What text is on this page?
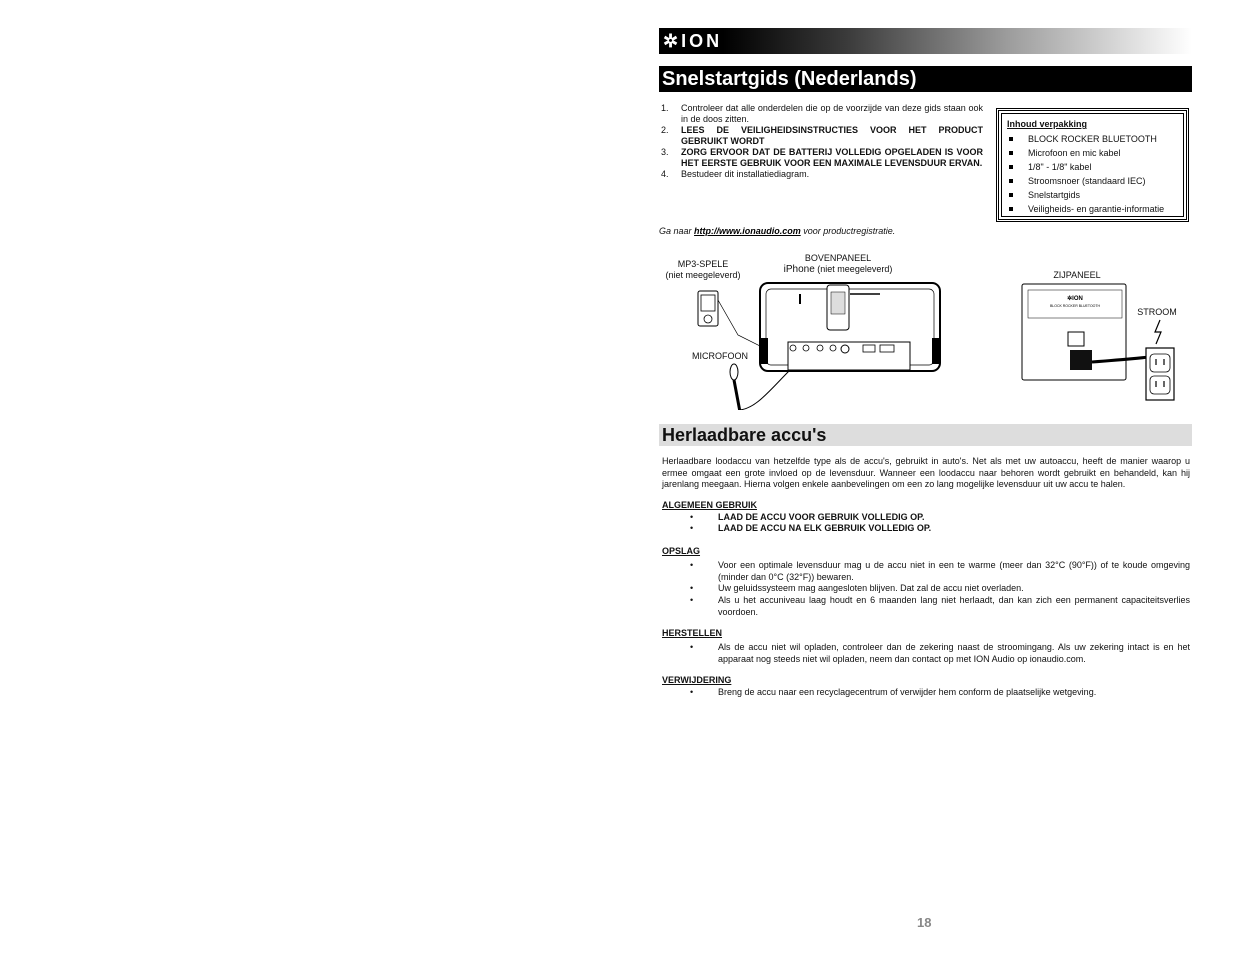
✲ION
Snelstartgids (Nederlands)
1.	Controleer dat alle onderdelen die op de voorzijde van deze gids staan ook in de doos zitten.
2.	LEES DE VEILIGHEIDSINSTRUCTIES VOOR HET PRODUCT GEBRUIKT WORDT
3.	ZORG ERVOOR DAT DE BATTERIJ VOLLEDIG OPGELADEN IS VOOR HET EERSTE GEBRUIK VOOR EEN MAXIMALE LEVENSDUUR ERVAN.
4.	Bestudeer dit installatiediagram.
Inhoud verpakking
BLOCK ROCKER BLUETOOTH
Microfoon en mic kabel
1/8" - 1/8" kabel
Stroomsnoer (standaard IEC)
Snelstartgids
Veiligheids- en garantie-informatie
Ga naar http://www.ionaudio.com voor productregistratie.
MP3-SPELE
(niet meegeleverd)
BOVENPANEEL
iPhone (niet meegeleverd)
MICROFOON
ZIJPANEEL
STROOM
✲ION
BLOCK ROCKER BLUETOOTH
Herlaadbare accu's
Herlaadbare loodaccu van hetzelfde type als de accu's, gebruikt in auto's. Net als met uw autoaccu, heeft de manier waarop u ermee omgaat een grote invloed op de levensduur. Wanneer een loodaccu naar behoren wordt gebruikt en behandeld, kan hij jarenlang meegaan. Hierna volgen enkele aanbevelingen om een zo lang mogelijke levensduur uit uw accu te halen.
ALGEMEEN GEBRUIK
•	LAAD DE ACCU VOOR GEBRUIK VOLLEDIG OP.
•	LAAD DE ACCU NA ELK GEBRUIK VOLLEDIG OP.
OPSLAG
•	Voor een optimale levensduur mag u de accu niet in een te warme (meer dan 32°C (90°F)) of te koude omgeving (minder dan 0°C (32°F)) bewaren.
•	Uw geluidssysteem mag aangesloten blijven. Dat zal de accu niet overladen.
•	Als u het accuniveau laag houdt en 6 maanden lang niet herlaadt, dan kan zich een permanent capaciteitsverlies voordoen.
HERSTELLEN
•	Als de accu niet wil opladen, controleer dan de zekering naast de stroomingang. Als uw zekering intact is en het apparaat nog steeds niet wil opladen, neem dan contact op met ION Audio op ionaudio.com.
VERWIJDERING
•	Breng de accu naar een recyclagecentrum of verwijder hem conform de plaatselijke wetgeving.
18
